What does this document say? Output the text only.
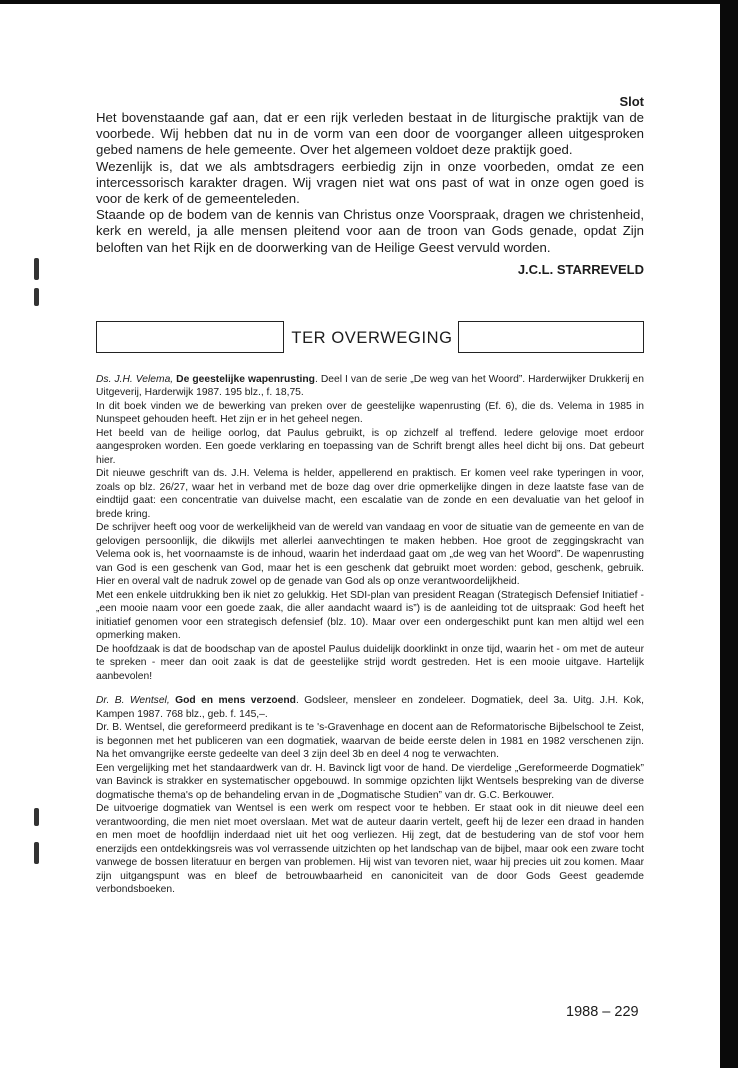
Slot

Het bovenstaande gaf aan, dat er een rijk verleden bestaat in de liturgische praktijk van de voorbede. Wij hebben dat nu in de vorm van een door de voorganger alleen uitgesproken gebed namens de hele gemeente. Over het algemeen voldoet deze praktijk goed.

Wezenlijk is, dat we als ambtsdragers eerbiedig zijn in onze voorbeden, omdat ze een intercessorisch karakter dragen. Wij vragen niet wat ons past of wat in onze ogen goed is voor de kerk of de gemeenteleden.

Staande op de bodem van de kennis van Christus onze Voorspraak, dragen we christenheid, kerk en wereld, ja alle mensen pleitend voor aan de troon van Gods genade, opdat Zijn beloften van het Rijk en de doorwerking van de Heilige Geest vervuld worden.

J.C.L. STARREVELD
TER OVERWEGING

Ds. J.H. Velema, De geestelijke wapenrusting. Deel I van de serie „De weg van het Woord”. Harderwijker Drukkerij en Uitgeverij, Harderwijk 1987. 195 blz., f. 18,75.

In dit boek vinden we de bewerking van preken over de geestelijke wapenrusting (Ef. 6), die ds. Velema in 1985 in Nunspeet gehouden heeft. Het zijn er in het geheel negen.

Het beeld van de heilige oorlog, dat Paulus gebruikt, is op zichzelf al treffend. Iedere gelovige moet erdoor aangesproken worden. Een goede verklaring en toepassing van de Schrift brengt alles heel dicht bij ons. Dat gebeurt hier.

Dit nieuwe geschrift van ds. J.H. Velema is helder, appellerend en praktisch. Er komen veel rake typeringen in voor, zoals op blz. 26/27, waar het in verband met de boze dag over drie opmerkelijke dingen in deze laatste fase van de eindtijd gaat: een concentratie van duivelse macht, een escalatie van de zonde en een devaluatie van het geloof in brede kring.

De schrijver heeft oog voor de werkelijkheid van de wereld van vandaag en voor de situatie van de gemeente en van de gelovigen persoonlijk, die dikwijls met allerlei aanvechtingen te maken hebben. Hoe groot de zeggingskracht van Velema ook is, het voornaamste is de inhoud, waarin het inderdaad gaat om „de weg van het Woord”. De wapenrusting van God is een geschenk van God, maar het is een geschenk dat gebruikt moet worden: gebod, geschenk, gebruik. Hier en overal valt de nadruk zowel op de genade van God als op onze verantwoordelijkheid.

Met een enkele uitdrukking ben ik niet zo gelukkig. Het SDI-plan van president Reagan (Strategisch Defensief Initiatief - „een mooie naam voor een goede zaak, die aller aandacht waard is”) is de aanleiding tot de uitspraak: God heeft het initiatief genomen voor een strategisch defensief (blz. 10). Maar over een ondergeschikt punt kan men altijd wel een opmerking maken.

De hoofdzaak is dat de boodschap van de apostel Paulus duidelijk doorklinkt in onze tijd, waarin het - om met de auteur te spreken - meer dan ooit zaak is dat de geestelijke strijd wordt gestreden. Het is een mooie uitgave. Hartelijk aanbevolen!

Dr. B. Wentsel, God en mens verzoend. Godsleer, mensleer en zondeleer. Dogmatiek, deel 3a. Uitg. J.H. Kok, Kampen 1987. 768 blz., geb. f. 145,–.

Dr. B. Wentsel, die gereformeerd predikant is te 's-Gravenhage en docent aan de Reformatorische Bijbelschool te Zeist, is begonnen met het publiceren van een dogmatiek, waarvan de beide eerste delen in 1981 en 1982 verschenen zijn. Na het omvangrijke eerste gedeelte van deel 3 zijn deel 3b en deel 4 nog te verwachten.

Een vergelijking met het standaardwerk van dr. H. Bavinck ligt voor de hand. De vierdelige „Gereformeerde Dogmatiek” van Bavinck is strakker en systematischer opgebouwd. In sommige opzichten lijkt Wentsels bespreking van de diverse dogmatische thema's op de behandeling ervan in de „Dogmatische Studien” van dr. G.C. Berkouwer.

De uitvoerige dogmatiek van Wentsel is een werk om respect voor te hebben. Er staat ook in dit nieuwe deel een verantwoording, die men niet moet overslaan. Met wat de auteur daarin vertelt, geeft hij de lezer een draad in handen en men moet de hoofdlijn inderdaad niet uit het oog verliezen. Hij zegt, dat de bestudering van de stof voor hem enerzijds een ontdekkingsreis was vol verrassende uitzichten op het landschap van de bijbel, maar ook een zware tocht vanwege de bossen literatuur en bergen van problemen. Hij wist van tevoren niet, waar hij precies uit zou komen. Maar zijn uitgangspunt was en bleef de betrouwbaarheid en canoniciteit van de door Gods Geest geademde verbondsboeken.

1988 – 229
